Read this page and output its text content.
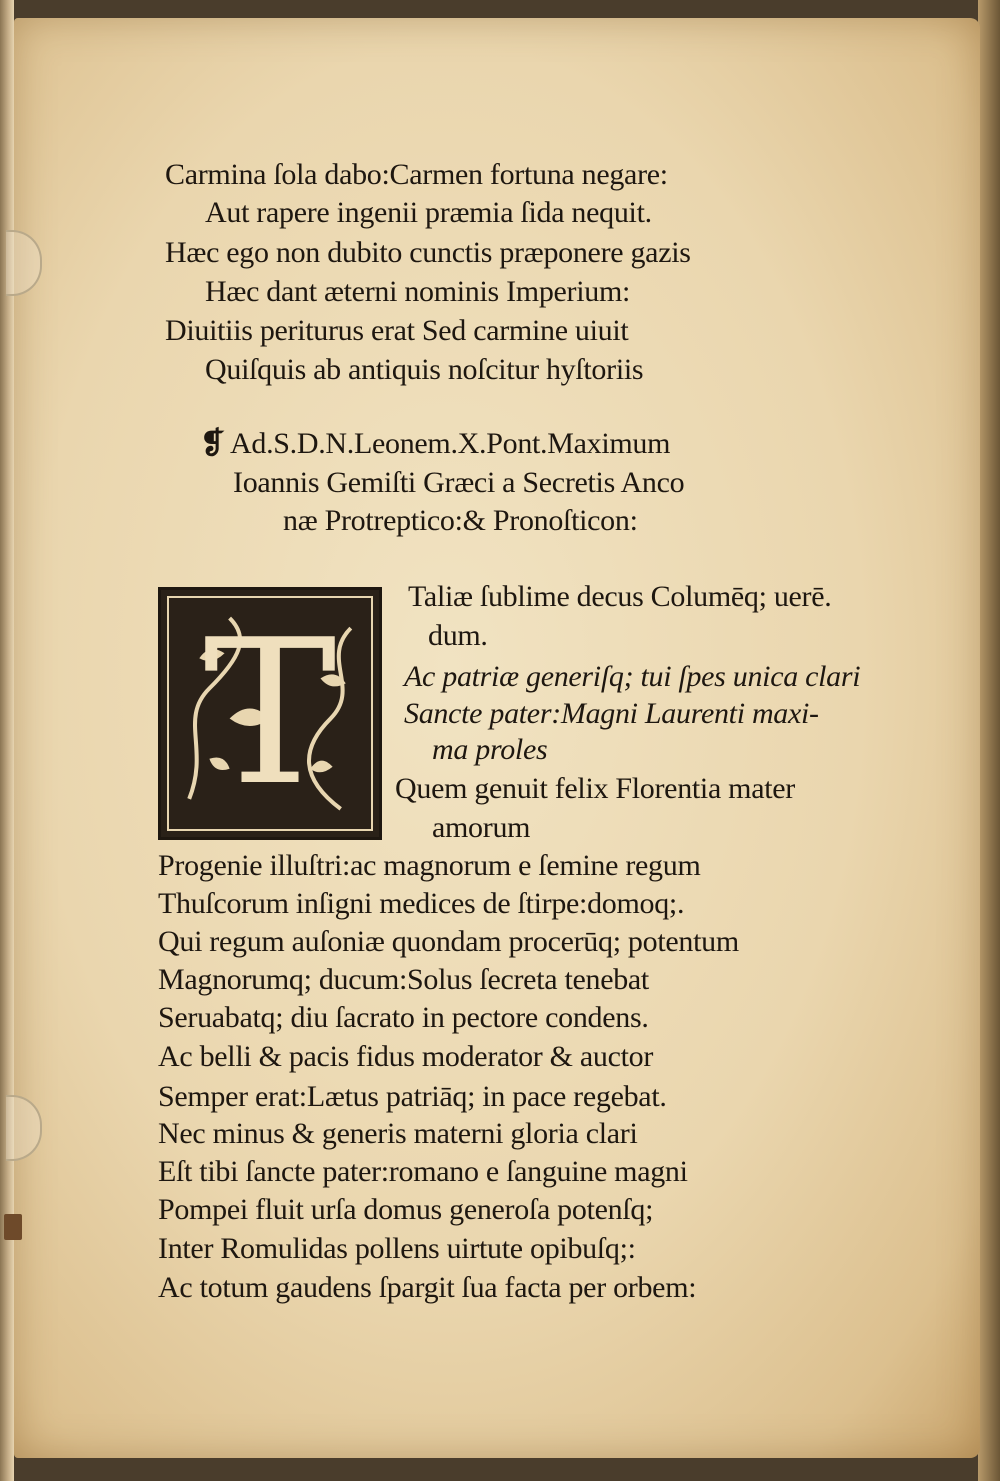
Carmina ſola dabo:Carmen fortuna negare:
Aut rapere ingenii præmia ſida nequit.
Hæc ego non dubito cunctis præponere gazis
Hæc dant æterni nominis Imperium:
Diuitiis periturus erat Sed carmine uiuit
Quiſquis ab antiquis noſcitur hyſtoriis
❡ Ad.S.D.N.Leonem.X.Pont.Maximum
Ioannis Gemiſti Græci a Secretis Anco
næ Protreptico:& Pronoſticon:
T	Taliæ ſublime decus Columēq; uerē.
dum.
Ac patriæ generiſq; tui ſpes unica clari
Sancte pater:Magni Laurenti maxi-
ma proles
Quem genuit felix Florentia mater
amorum
Progenie illuſtri:ac magnorum e ſemine regum
Thuſcorum inſigni medices de ſtirpe:domoq;.
Qui regum auſoniæ quondam procerūq; potentum
Magnorumq; ducum:Solus ſecreta tenebat
Seruabatq; diu ſacrato in pectore condens.
Ac belli & pacis fidus moderator & auctor
Semper erat:Lætus patriāq; in pace regebat.
Nec minus & generis materni gloria clari
Eſt tibi ſancte pater:romano e ſanguine magni
Pompei fluit urſa domus generoſa potenſq;
Inter Romulidas pollens uirtute opibuſq;:
Ac totum gaudens ſpargit ſua facta per orbem:
